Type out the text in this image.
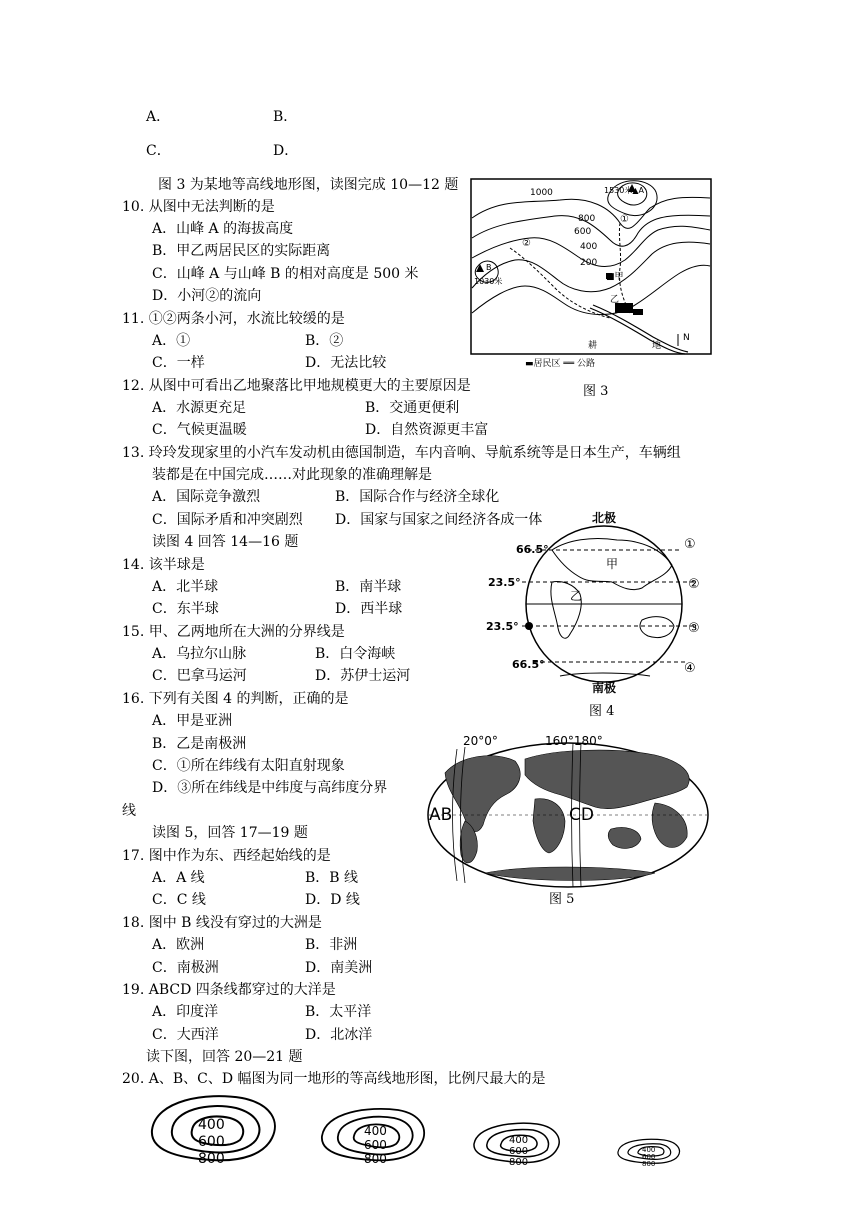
A．	B．
C．	D．
图 3 为某地等高线地形图，读图完成 10—12 题
10. 从图中无法判断的是
A．山峰 A 的海拔高度
B．甲乙两居民区的实际距离
C．山峰 A 与山峰 B 的相对高度是 500 米
D．小河②的流向
11. ①②两条小河，水流比较缓的是
A．①	B．②
C．一样	D．无法比较
12. 从图中可看出乙地聚落比甲地规模更大的主要原因是
A．水源更充足	B．交通更便利
C．气候更温暖	D．自然资源更丰富
13. 玲玲发现家里的小汽车发动机由德国制造，车内音响、导航系统等是日本生产，车辆组
装都是在中国完成……对此现象的准确理解是
A．国际竞争激烈	B．国际合作与经济全球化
C．国际矛盾和冲突剧烈 D．国家与国家之间经济各成一体
读图 4 回答 14—16 题
14. 该半球是
A．北半球	B．南半球
C．东半球	D．西半球
15. 甲、乙两地所在大洲的分界线是
A．乌拉尔山脉	B．白令海峡
C．巴拿马运河	D．苏伊士运河
16. 下列有关图 4 的判断，正确的是
A．甲是亚洲
B．乙是南极洲
C．①所在纬线有太阳直射现象
D．③所在纬线是中纬度与高纬度分界
线
读图 5，回答 17—19 题
17. 图中作为东、西经起始线的是
A．A 线	B．B 线
C．C 线	D．D 线
18. 图中 B 线没有穿过的大洲是
A．欧洲	B．非洲
C．南极洲	D．南美洲
19. ABCD 四条线都穿过的大洋是
A．印度洋	B．太平洋
C．大西洋	D．北冰洋
读下图，回答 20—21 题
20. A、B、C、D 幅图为同一地形的等高线地形图，比例尺最大的是
1000
800
600
400
200
1530米▲A
B
1030米	■甲
乙
①
②
耕	地
N
▬居民区 ══ 公路
图 3
北极
南极
66.5°
23.5°
23.5°
66.5°
甲
乙
①
②
③
④
图 4
20°0°	160°180°
AB	CD
图 5
400
600
800
400
600
800
400
600
800
400
600
800
